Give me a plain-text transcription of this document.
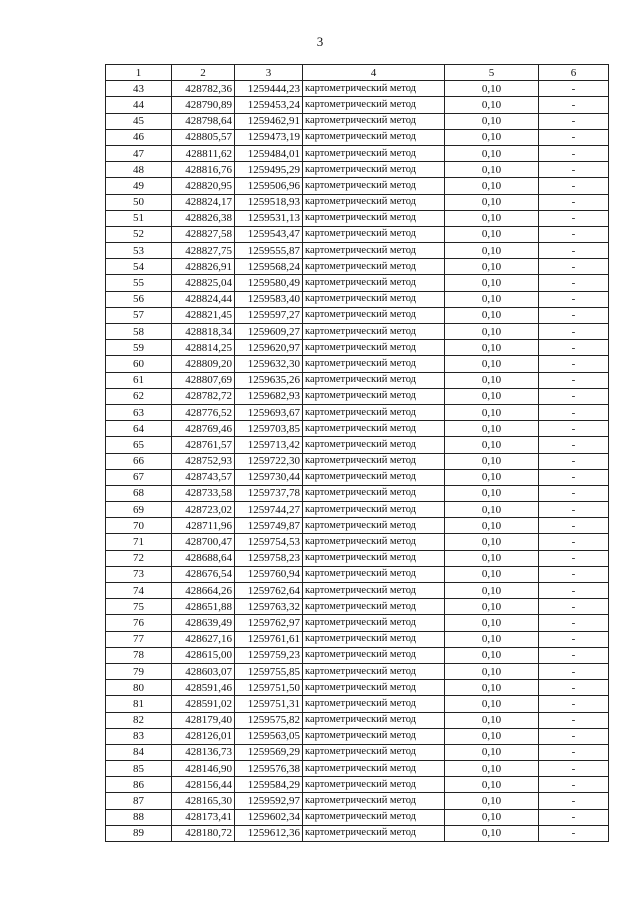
3
1	2	3	4	5	6
43	428782,36	1259444,23	картометрический метод	0,10	-
44	428790,89	1259453,24	картометрический метод	0,10	-
45	428798,64	1259462,91	картометрический метод	0,10	-
46	428805,57	1259473,19	картометрический метод	0,10	-
47	428811,62	1259484,01	картометрический метод	0,10	-
48	428816,76	1259495,29	картометрический метод	0,10	-
49	428820,95	1259506,96	картометрический метод	0,10	-
50	428824,17	1259518,93	картометрический метод	0,10	-
51	428826,38	1259531,13	картометрический метод	0,10	-
52	428827,58	1259543,47	картометрический метод	0,10	-
53	428827,75	1259555,87	картометрический метод	0,10	-
54	428826,91	1259568,24	картометрический метод	0,10	-
55	428825,04	1259580,49	картометрический метод	0,10	-
56	428824,44	1259583,40	картометрический метод	0,10	-
57	428821,45	1259597,27	картометрический метод	0,10	-
58	428818,34	1259609,27	картометрический метод	0,10	-
59	428814,25	1259620,97	картометрический метод	0,10	-
60	428809,20	1259632,30	картометрический метод	0,10	-
61	428807,69	1259635,26	картометрический метод	0,10	-
62	428782,72	1259682,93	картометрический метод	0,10	-
63	428776,52	1259693,67	картометрический метод	0,10	-
64	428769,46	1259703,85	картометрический метод	0,10	-
65	428761,57	1259713,42	картометрический метод	0,10	-
66	428752,93	1259722,30	картометрический метод	0,10	-
67	428743,57	1259730,44	картометрический метод	0,10	-
68	428733,58	1259737,78	картометрический метод	0,10	-
69	428723,02	1259744,27	картометрический метод	0,10	-
70	428711,96	1259749,87	картометрический метод	0,10	-
71	428700,47	1259754,53	картометрический метод	0,10	-
72	428688,64	1259758,23	картометрический метод	0,10	-
73	428676,54	1259760,94	картометрический метод	0,10	-
74	428664,26	1259762,64	картометрический метод	0,10	-
75	428651,88	1259763,32	картометрический метод	0,10	-
76	428639,49	1259762,97	картометрический метод	0,10	-
77	428627,16	1259761,61	картометрический метод	0,10	-
78	428615,00	1259759,23	картометрический метод	0,10	-
79	428603,07	1259755,85	картометрический метод	0,10	-
80	428591,46	1259751,50	картометрический метод	0,10	-
81	428591,02	1259751,31	картометрический метод	0,10	-
82	428179,40	1259575,82	картометрический метод	0,10	-
83	428126,01	1259563,05	картометрический метод	0,10	-
84	428136,73	1259569,29	картометрический метод	0,10	-
85	428146,90	1259576,38	картометрический метод	0,10	-
86	428156,44	1259584,29	картометрический метод	0,10	-
87	428165,30	1259592,97	картометрический метод	0,10	-
88	428173,41	1259602,34	картометрический метод	0,10	-
89	428180,72	1259612,36	картометрический метод	0,10	-
